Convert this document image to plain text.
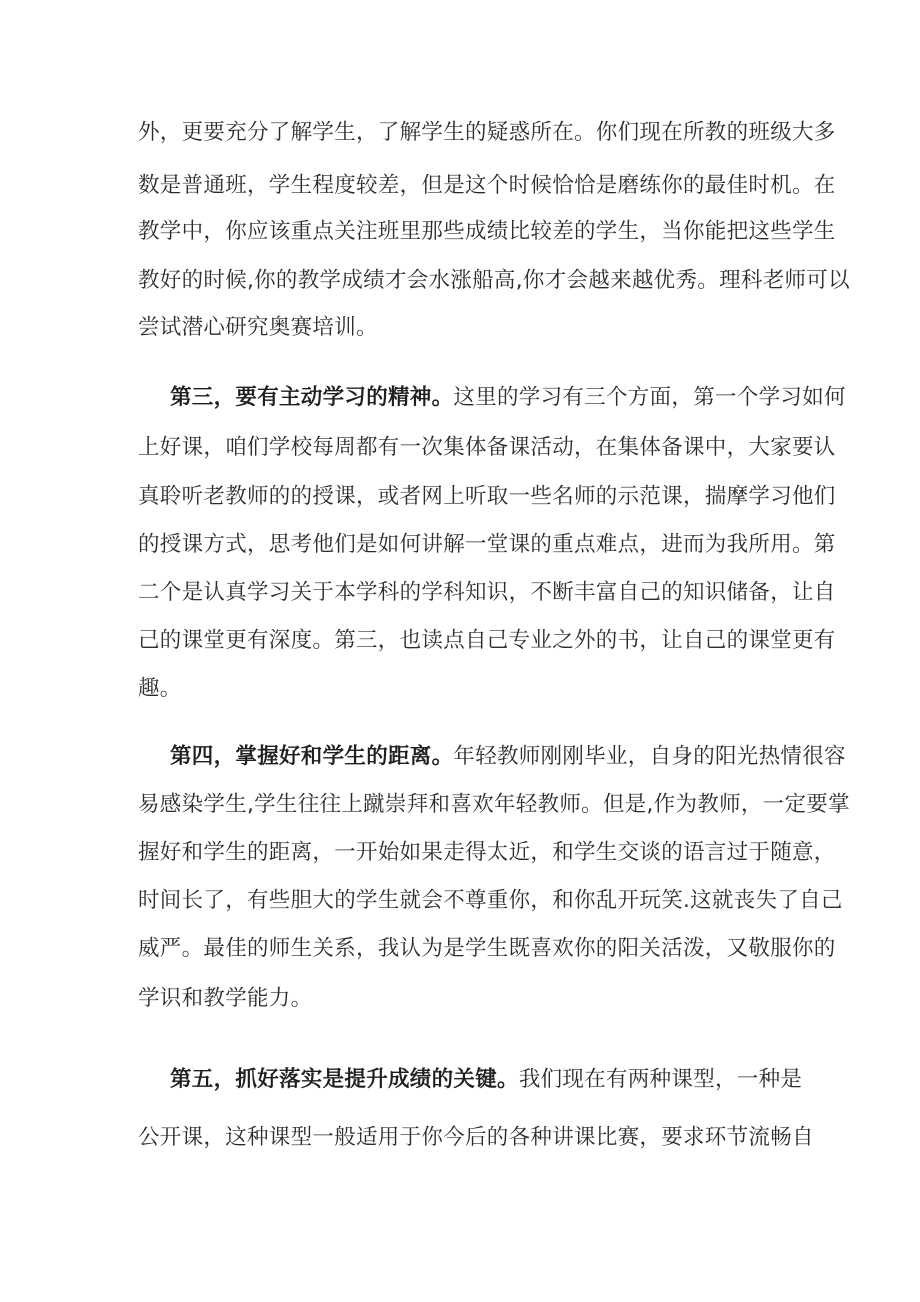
外，更要充分了解学生，了解学生的疑惑所在。你们现在所教的班级大多
数是普通班，学生程度较差，但是这个时候恰恰是磨练你的最佳时机。在
教学中，你应该重点关注班里那些成绩比较差的学生，当你能把这些学生
教好的时候,你的教学成绩才会水涨船高,你才会越来越优秀。理科老师可以
尝试潜心研究奥赛培训。
第三，要有主动学习的精神。这里的学习有三个方面，第一个学习如何
上好课，咱们学校每周都有一次集体备课活动，在集体备课中，大家要认
真聆听老教师的的授课，或者网上听取一些名师的示范课，揣摩学习他们
的授课方式，思考他们是如何讲解一堂课的重点难点，进而为我所用。第
二个是认真学习关于本学科的学科知识，不断丰富自己的知识储备，让自
己的课堂更有深度。第三，也读点自己专业之外的书，让自己的课堂更有
趣。
第四，掌握好和学生的距离。年轻教师刚刚毕业，自身的阳光热情很容
易感染学生,学生往往上蹴崇拜和喜欢年轻教师。但是,作为教师，一定要掌
握好和学生的距离，一开始如果走得太近，和学生交谈的语言过于随意，
时间长了，有些胆大的学生就会不尊重你，和你乱开玩笑.这就丧失了自己
威严。最佳的师生关系，我认为是学生既喜欢你的阳关活泼，又敬服你的
学识和教学能力。
第五，抓好落实是提升成绩的关键。我们现在有两种课型，一种是
公开课，这种课型一般适用于你今后的各种讲课比赛，要求环节流畅自
